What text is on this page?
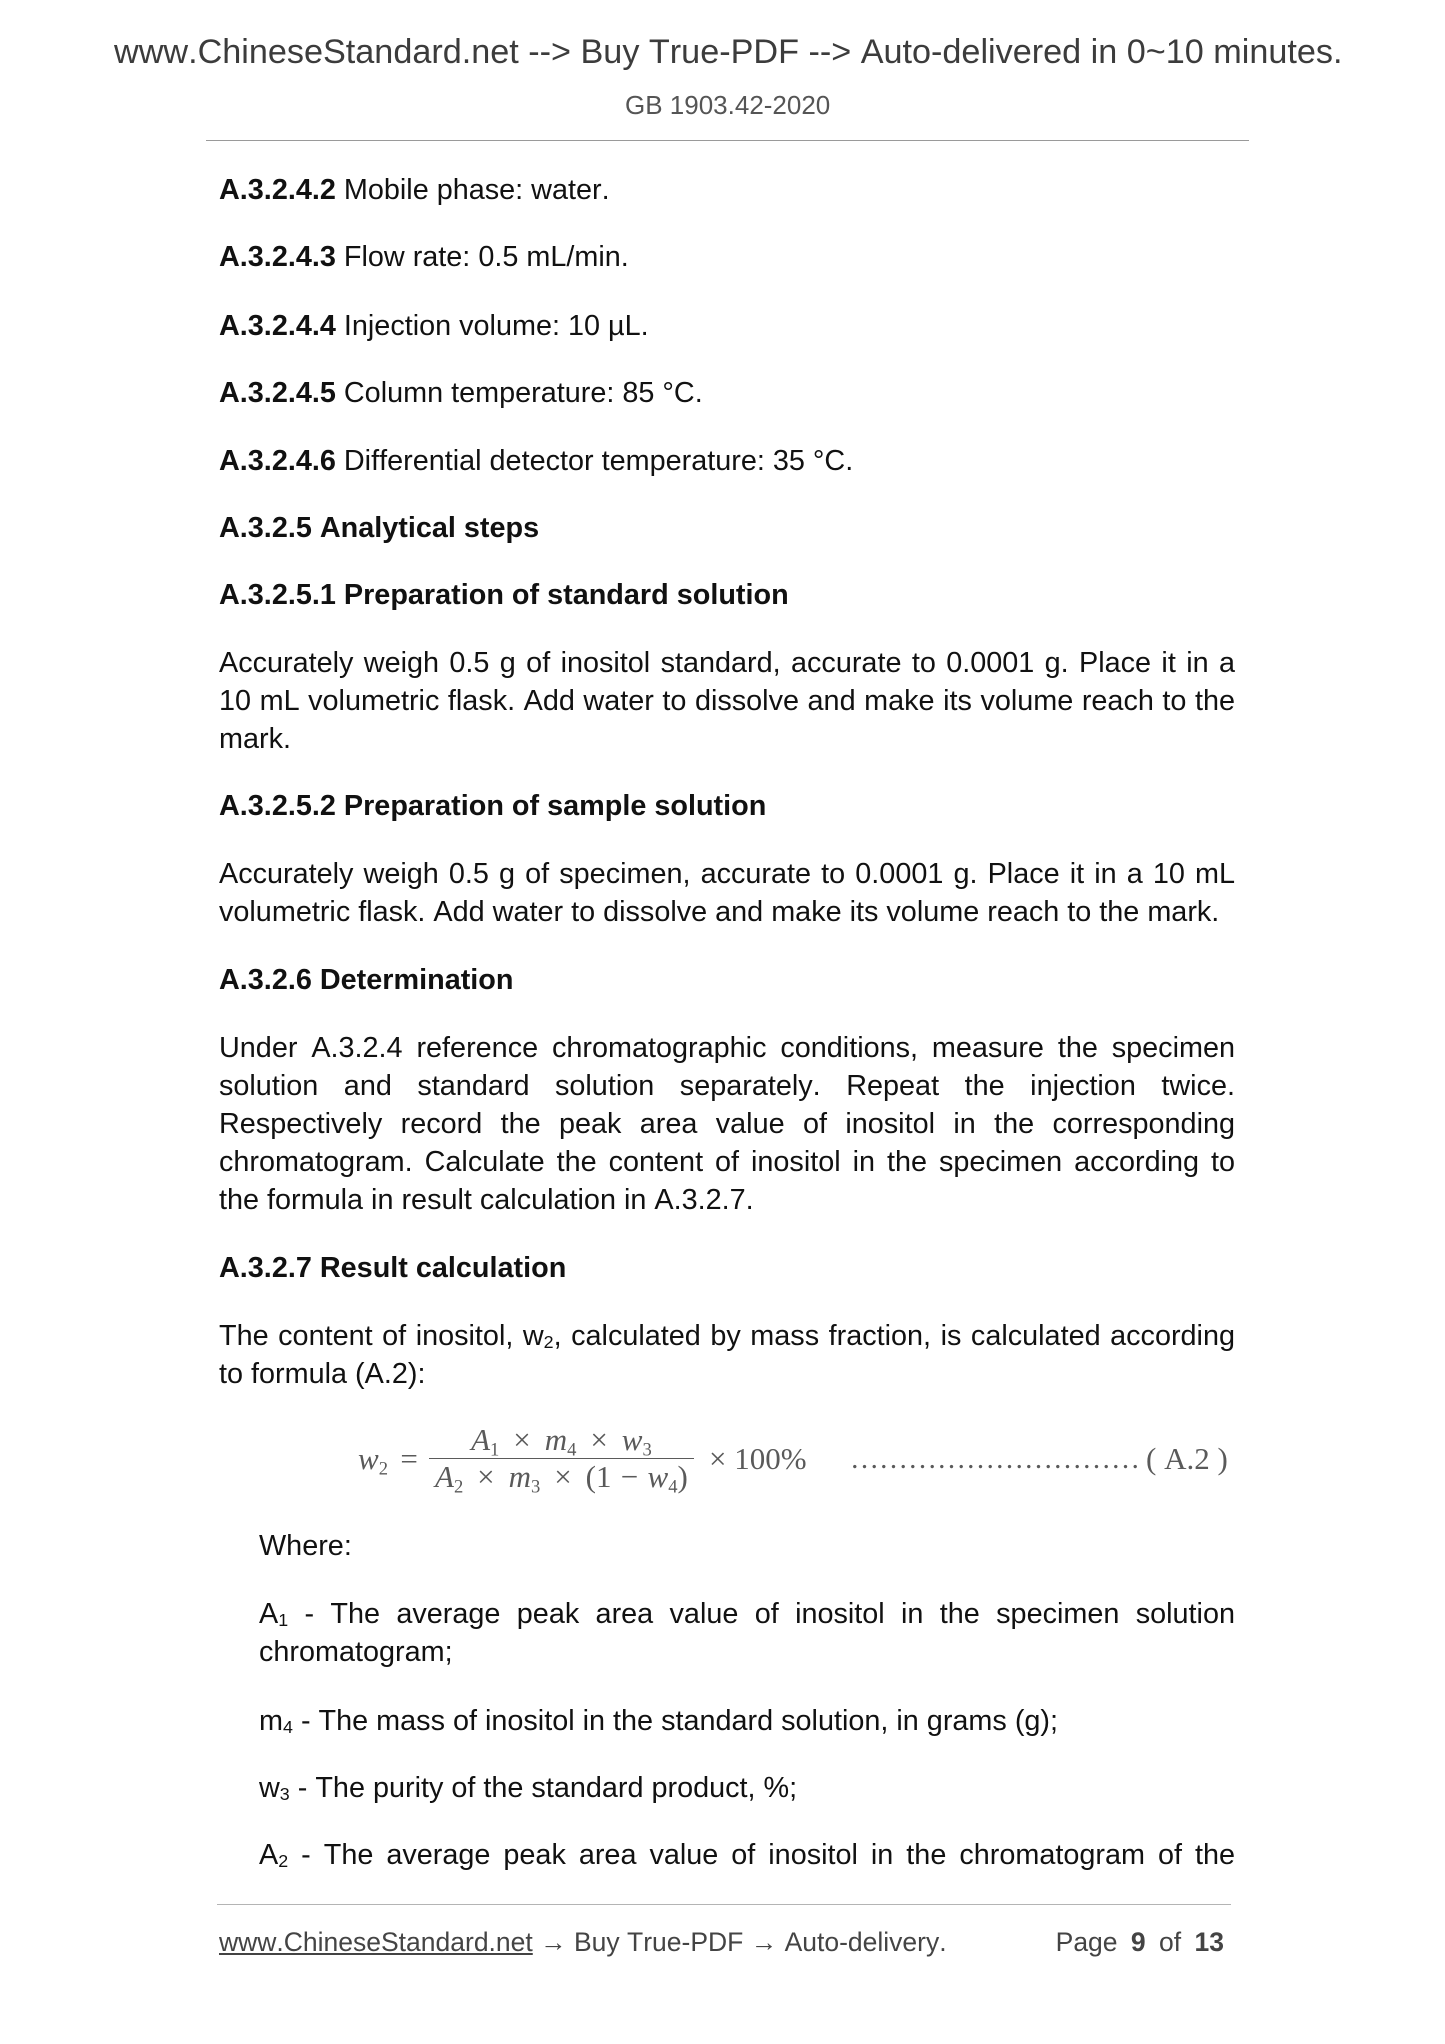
www.ChineseStandard.net --> Buy True-PDF --> Auto-delivered in 0~10 minutes.
GB 1903.42-2020
A.3.2.4.2 Mobile phase: water.
A.3.2.4.3 Flow rate: 0.5 mL/min.
A.3.2.4.4 Injection volume: 10 µL.
A.3.2.4.5 Column temperature: 85 °C.
A.3.2.4.6 Differential detector temperature: 35 °C.
A.3.2.5 Analytical steps
A.3.2.5.1 Preparation of standard solution
Accurately weigh 0.5 g of inositol standard, accurate to 0.0001 g. Place it in a 10 mL volumetric flask. Add water to dissolve and make its volume reach to the mark.
A.3.2.5.2 Preparation of sample solution
Accurately weigh 0.5 g of specimen, accurate to 0.0001 g. Place it in a 10 mL volumetric flask. Add water to dissolve and make its volume reach to the mark.
A.3.2.6 Determination
Under A.3.2.4 reference chromatographic conditions, measure the specimen solution and standard solution separately. Repeat the injection twice. Respectively record the peak area value of inositol in the corresponding chromatogram. Calculate the content of inositol in the specimen according to the formula in result calculation in A.3.2.7.
A.3.2.7 Result calculation
The content of inositol, w2, calculated by mass fraction, is calculated according to formula (A.2):
$w2 = \frac{A1 \times m4 \times w3}{A2 \times m3 \times (1 - w4)} \times 100\%$ ………………………… ( A.2 )
Where:
A1 - The average peak area value of inositol in the specimen solution chromatogram;
m4 - The mass of inositol in the standard solution, in grams (g);
w3 - The purity of the standard product, %;
A2 - The average peak area value of inositol in the chromatogram of the
www.ChineseStandard.net → Buy True-PDF → Auto-delivery.	Page 9 of 13
